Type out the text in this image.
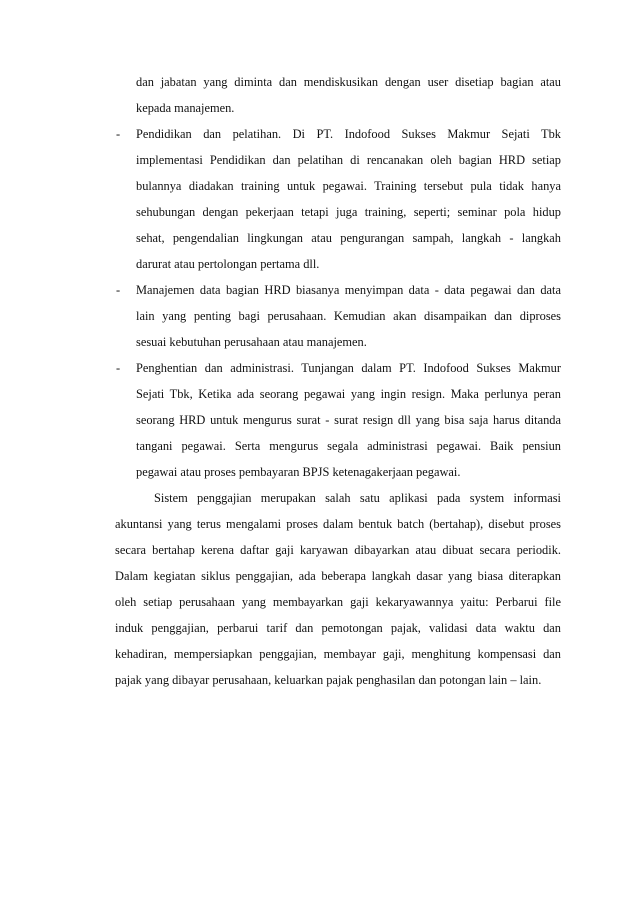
dan jabatan yang diminta dan mendiskusikan dengan user disetiap bagian atau
kepada manajemen.
- Pendidikan dan pelatihan. Di PT. Indofood Sukses Makmur Sejati Tbk
implementasi Pendidikan dan pelatihan di rencanakan oleh bagian HRD setiap
bulannya diadakan training untuk pegawai. Training tersebut pula tidak hanya
sehubungan dengan pekerjaan tetapi juga training, seperti; seminar pola hidup
sehat, pengendalian lingkungan atau pengurangan sampah, langkah - langkah
darurat atau pertolongan pertama dll.
- Manajemen data bagian HRD biasanya menyimpan data - data pegawai dan data
lain yang penting bagi perusahaan. Kemudian akan disampaikan dan diproses
sesuai kebutuhan perusahaan atau manajemen.
- Penghentian dan administrasi. Tunjangan dalam PT. Indofood Sukses Makmur
Sejati Tbk, Ketika ada seorang pegawai yang ingin resign. Maka perlunya peran
seorang HRD untuk mengurus surat - surat resign dll yang bisa saja harus ditanda
tangani pegawai. Serta mengurus segala administrasi pegawai. Baik pensiun
pegawai atau proses pembayaran BPJS ketenagakerjaan pegawai.
Sistem penggajian merupakan salah satu aplikasi pada system informasi
akuntansi yang terus mengalami proses dalam bentuk batch (bertahap), disebut proses
secara bertahap kerena daftar gaji karyawan dibayarkan atau dibuat secara periodik.
Dalam kegiatan siklus penggajian, ada beberapa langkah dasar yang biasa diterapkan
oleh setiap perusahaan yang membayarkan gaji kekaryawannya yaitu: Perbarui file
induk penggajian, perbarui tarif dan pemotongan pajak, validasi data waktu dan
kehadiran, mempersiapkan penggajian, membayar gaji, menghitung kompensasi dan
pajak yang dibayar perusahaan, keluarkan pajak penghasilan dan potongan lain – lain.
